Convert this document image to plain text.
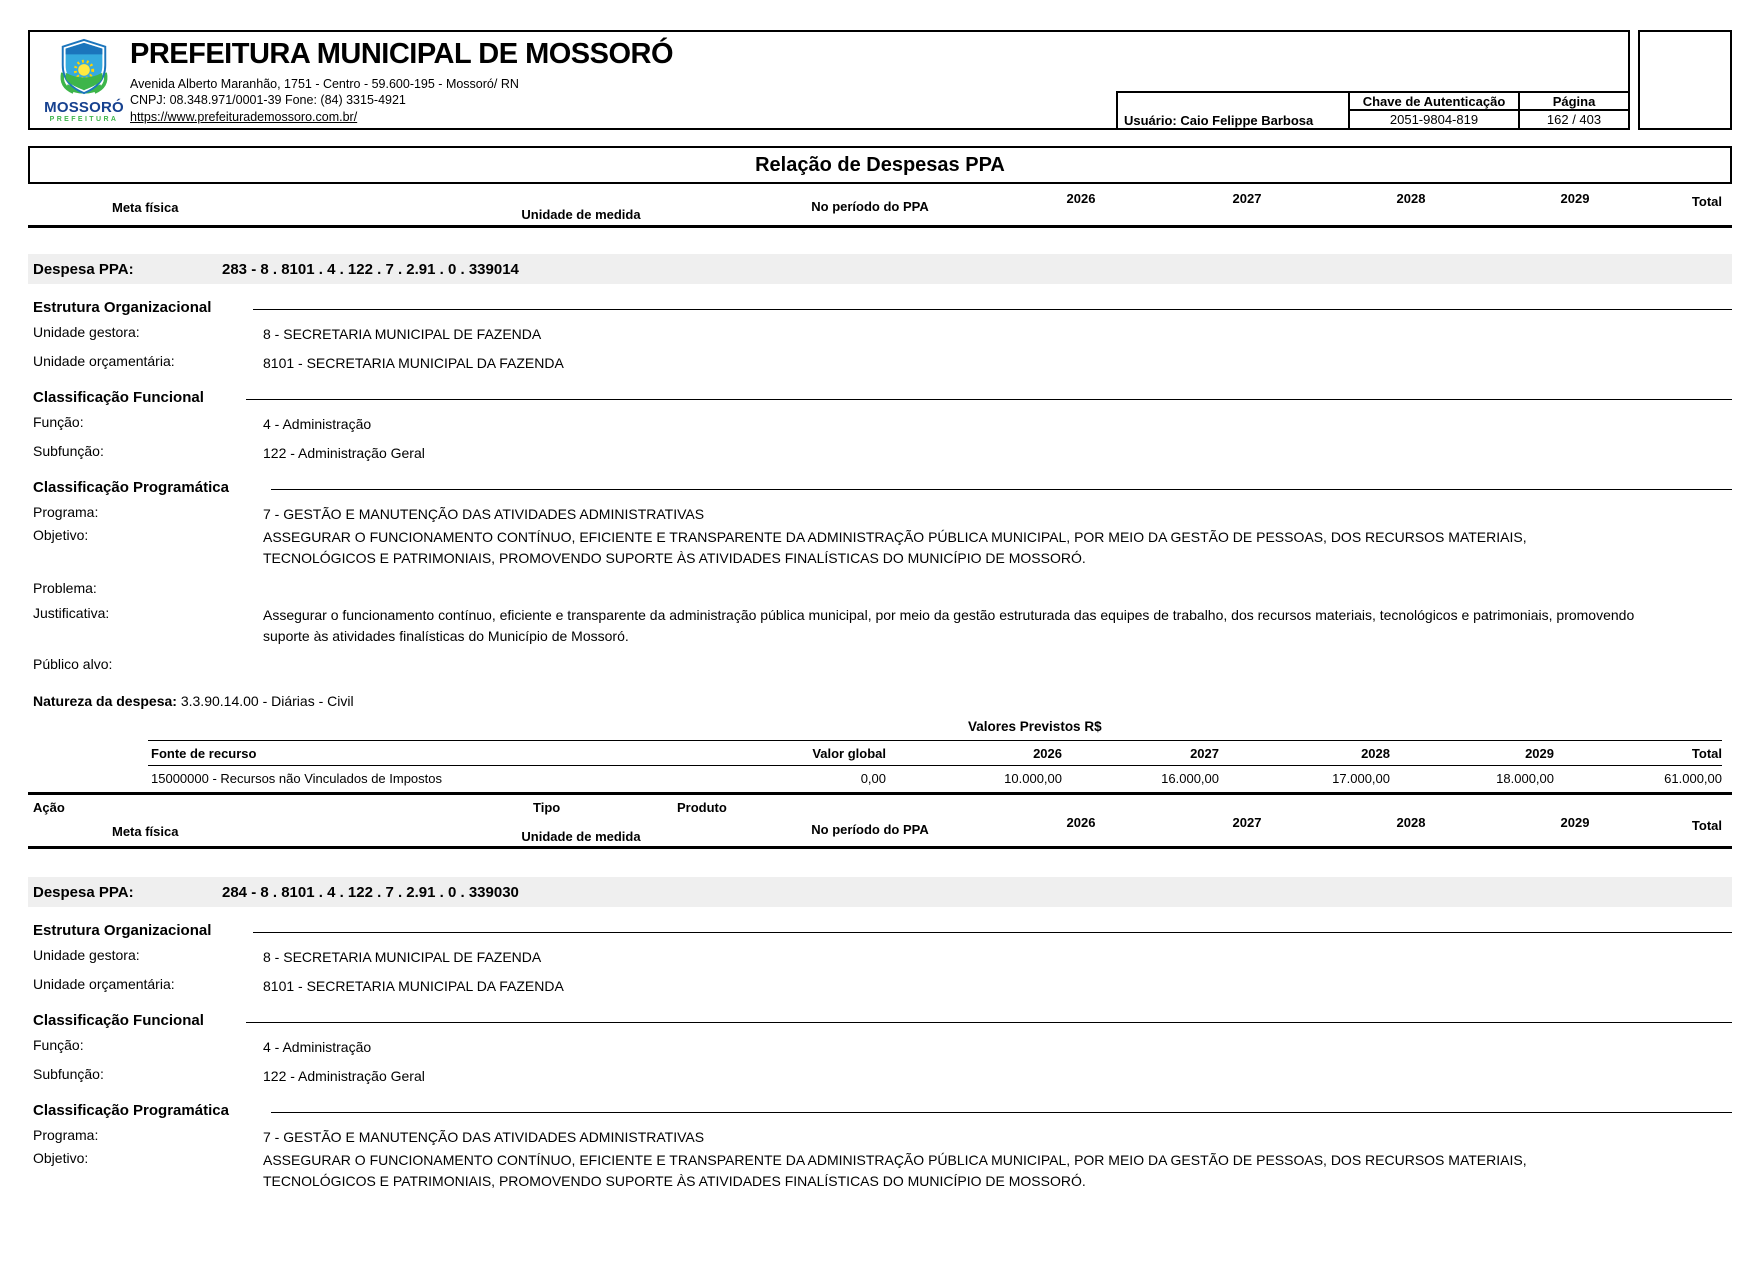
MOSSORÓ
PREFEITURA
PREFEITURA MUNICIPAL DE MOSSORÓ
Avenida Alberto Maranhão, 1751 - Centro - 59.600-195 - Mossoró/ RN
CNPJ: 08.348.971/0001-39 Fone: (84) 3315-4921
https://www.prefeiturademossoro.com.br/	Usuário: Caio Felippe Barbosa	Chave de Autenticação	Página
	2051-9804-819	162 / 403
Relação de Despesas PPA
Meta física	Unidade de medida
No período do PPA
2026	2027	2028	2029	Total
Despesa PPA:	283 - 8 . 8101 . 4 . 122 . 7 . 2.91 . 0 . 339014
Estrutura Organizacional
Unidade gestora:	8 - SECRETARIA MUNICIPAL DE FAZENDA
Unidade orçamentária:	8101 - SECRETARIA MUNICIPAL DA FAZENDA
Classificação Funcional
Função:	4 - Administração
Subfunção:	122 - Administração Geral
Classificação Programática
Programa:	7 - GESTÃO E MANUTENÇÃO DAS ATIVIDADES ADMINISTRATIVAS
Objetivo:	ASSEGURAR O FUNCIONAMENTO CONTÍNUO, EFICIENTE E TRANSPARENTE DA ADMINISTRAÇÃO PÚBLICA MUNICIPAL, POR MEIO DA GESTÃO DE PESSOAS, DOS RECURSOS MATERIAIS, TECNOLÓGICOS E PATRIMONIAIS, PROMOVENDO SUPORTE ÀS ATIVIDADES FINALÍSTICAS DO MUNICÍPIO DE MOSSORÓ.
Problema:
Justificativa:	Assegurar o funcionamento contínuo, eficiente e transparente da administração pública municipal, por meio da gestão estruturada das equipes de trabalho, dos recursos materiais, tecnológicos e patrimoniais, promovendo suporte às atividades finalísticas do Município de Mossoró.
Público alvo:
Natureza da despesa: 3.3.90.14.00 - Diárias - Civil
Valores Previstos R$
Fonte de recurso	Valor global	2026	2027	2028	2029	Total
15000000 - Recursos não Vinculados de Impostos	0,00	10.000,00	16.000,00	17.000,00	18.000,00	61.000,00
Ação	Tipo	Produto
Meta física	Unidade de medida	No período do PPA	2026	2027	2028	2029	Total
Despesa PPA:	284 - 8 . 8101 . 4 . 122 . 7 . 2.91 . 0 . 339030
Estrutura Organizacional
Unidade gestora:	8 - SECRETARIA MUNICIPAL DE FAZENDA
Unidade orçamentária:	8101 - SECRETARIA MUNICIPAL DA FAZENDA
Classificação Funcional
Função:	4 - Administração
Subfunção:	122 - Administração Geral
Classificação Programática
Programa:	7 - GESTÃO E MANUTENÇÃO DAS ATIVIDADES ADMINISTRATIVAS
Objetivo:	ASSEGURAR O FUNCIONAMENTO CONTÍNUO, EFICIENTE E TRANSPARENTE DA ADMINISTRAÇÃO PÚBLICA MUNICIPAL, POR MEIO DA GESTÃO DE PESSOAS, DOS RECURSOS MATERIAIS, TECNOLÓGICOS E PATRIMONIAIS, PROMOVENDO SUPORTE ÀS ATIVIDADES FINALÍSTICAS DO MUNICÍPIO DE MOSSORÓ.
